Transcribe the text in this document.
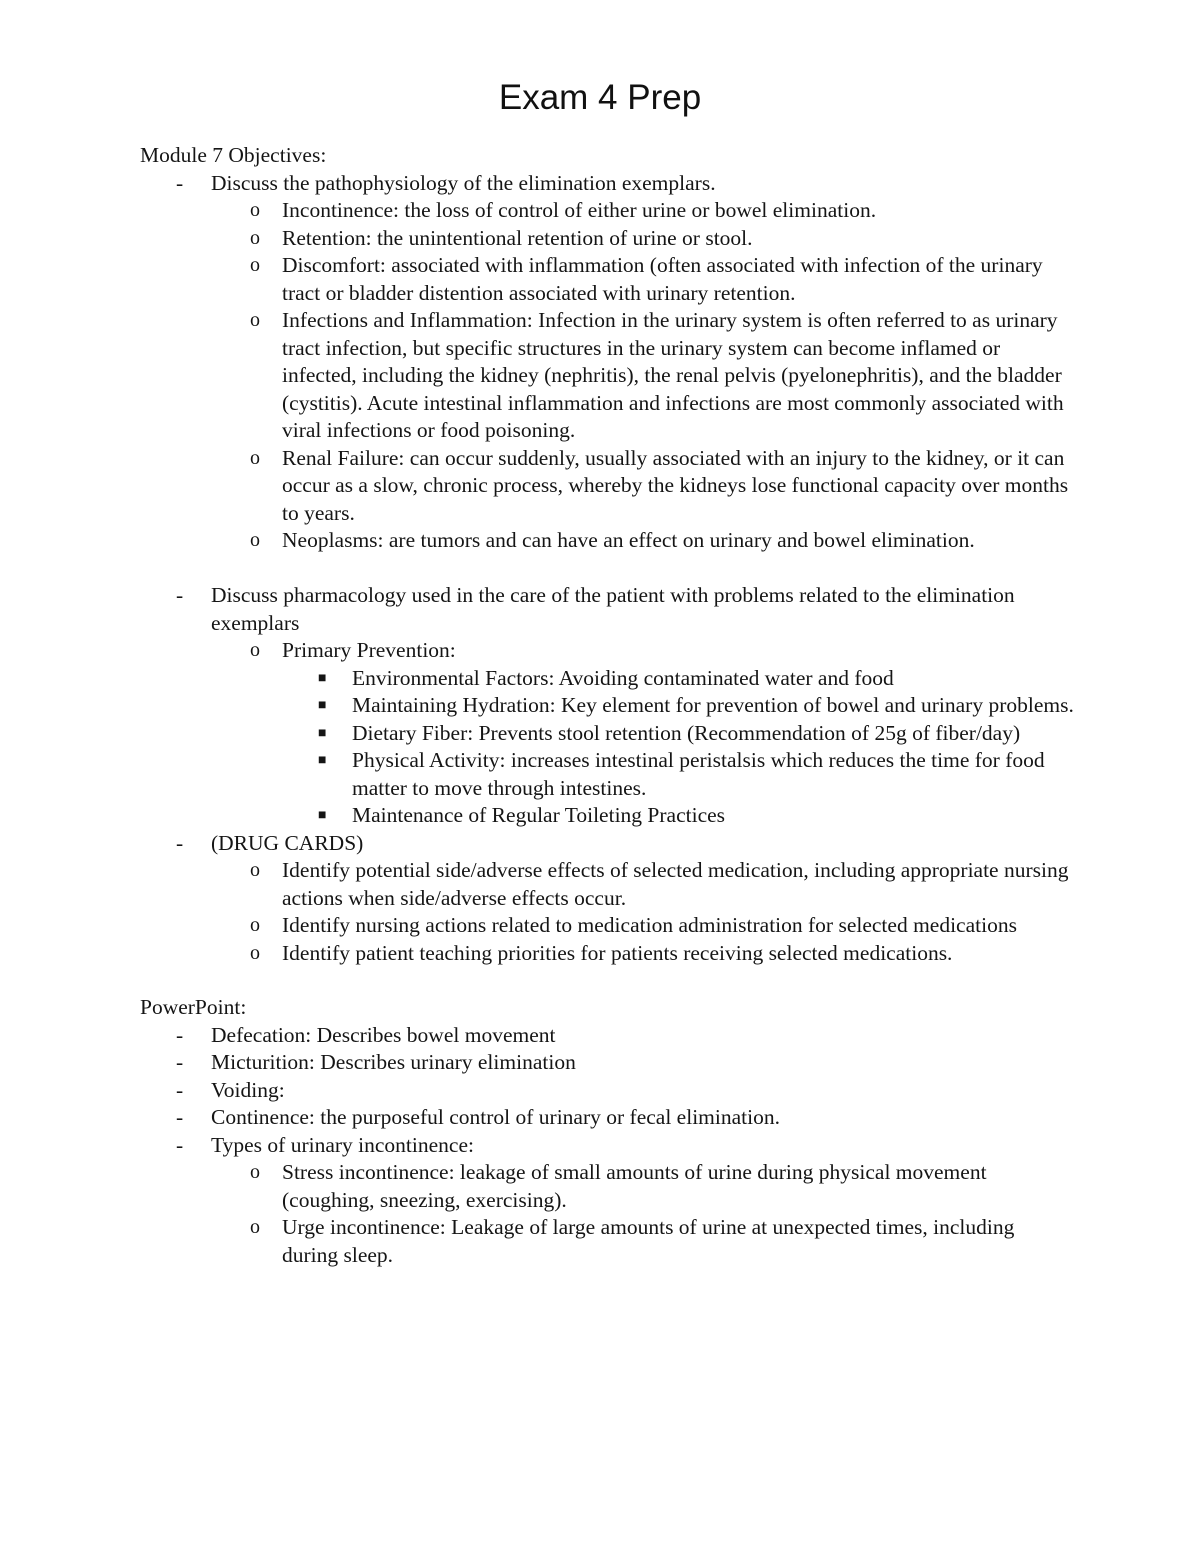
Exam 4 Prep

Module 7 Objectives:

- Discuss the pathophysiology of the elimination exemplars.
o Incontinence: the loss of control of either urine or bowel elimination.
o Retention: the unintentional retention of urine or stool.
o Discomfort: associated with inflammation (often associated with infection of the urinary tract or bladder distention associated with urinary retention.
o Infections and Inflammation: Infection in the urinary system is often referred to as urinary tract infection, but specific structures in the urinary system can become inflamed or infected, including the kidney (nephritis), the renal pelvis (pyelonephritis), and the bladder (cystitis). Acute intestinal inflammation and infections are most commonly associated with viral infections or food poisoning.
o Renal Failure: can occur suddenly, usually associated with an injury to the kidney, or it can occur as a slow, chronic process, whereby the kidneys lose functional capacity over months to years.
o Neoplasms: are tumors and can have an effect on urinary and bowel elimination.
- Discuss pharmacology used in the care of the patient with problems related to the elimination exemplars
o Primary Prevention:
■ Environmental Factors: Avoiding contaminated water and food
■ Maintaining Hydration: Key element for prevention of bowel and urinary problems.
■ Dietary Fiber: Prevents stool retention (Recommendation of 25g of fiber/day)
■ Physical Activity: increases intestinal peristalsis which reduces the time for food matter to move through intestines.
■ Maintenance of Regular Toileting Practices
- (DRUG CARDS)
o Identify potential side/adverse effects of selected medication, including appropriate nursing actions when side/adverse effects occur.
o Identify nursing actions related to medication administration for selected medications
o Identify patient teaching priorities for patients receiving selected medications.

PowerPoint:

- Defecation: Describes bowel movement
- Micturition: Describes urinary elimination
- Voiding:
- Continence: the purposeful control of urinary or fecal elimination.
- Types of urinary incontinence:
o Stress incontinence: leakage of small amounts of urine during physical movement (coughing, sneezing, exercising).
o Urge incontinence: Leakage of large amounts of urine at unexpected times, including during sleep.
